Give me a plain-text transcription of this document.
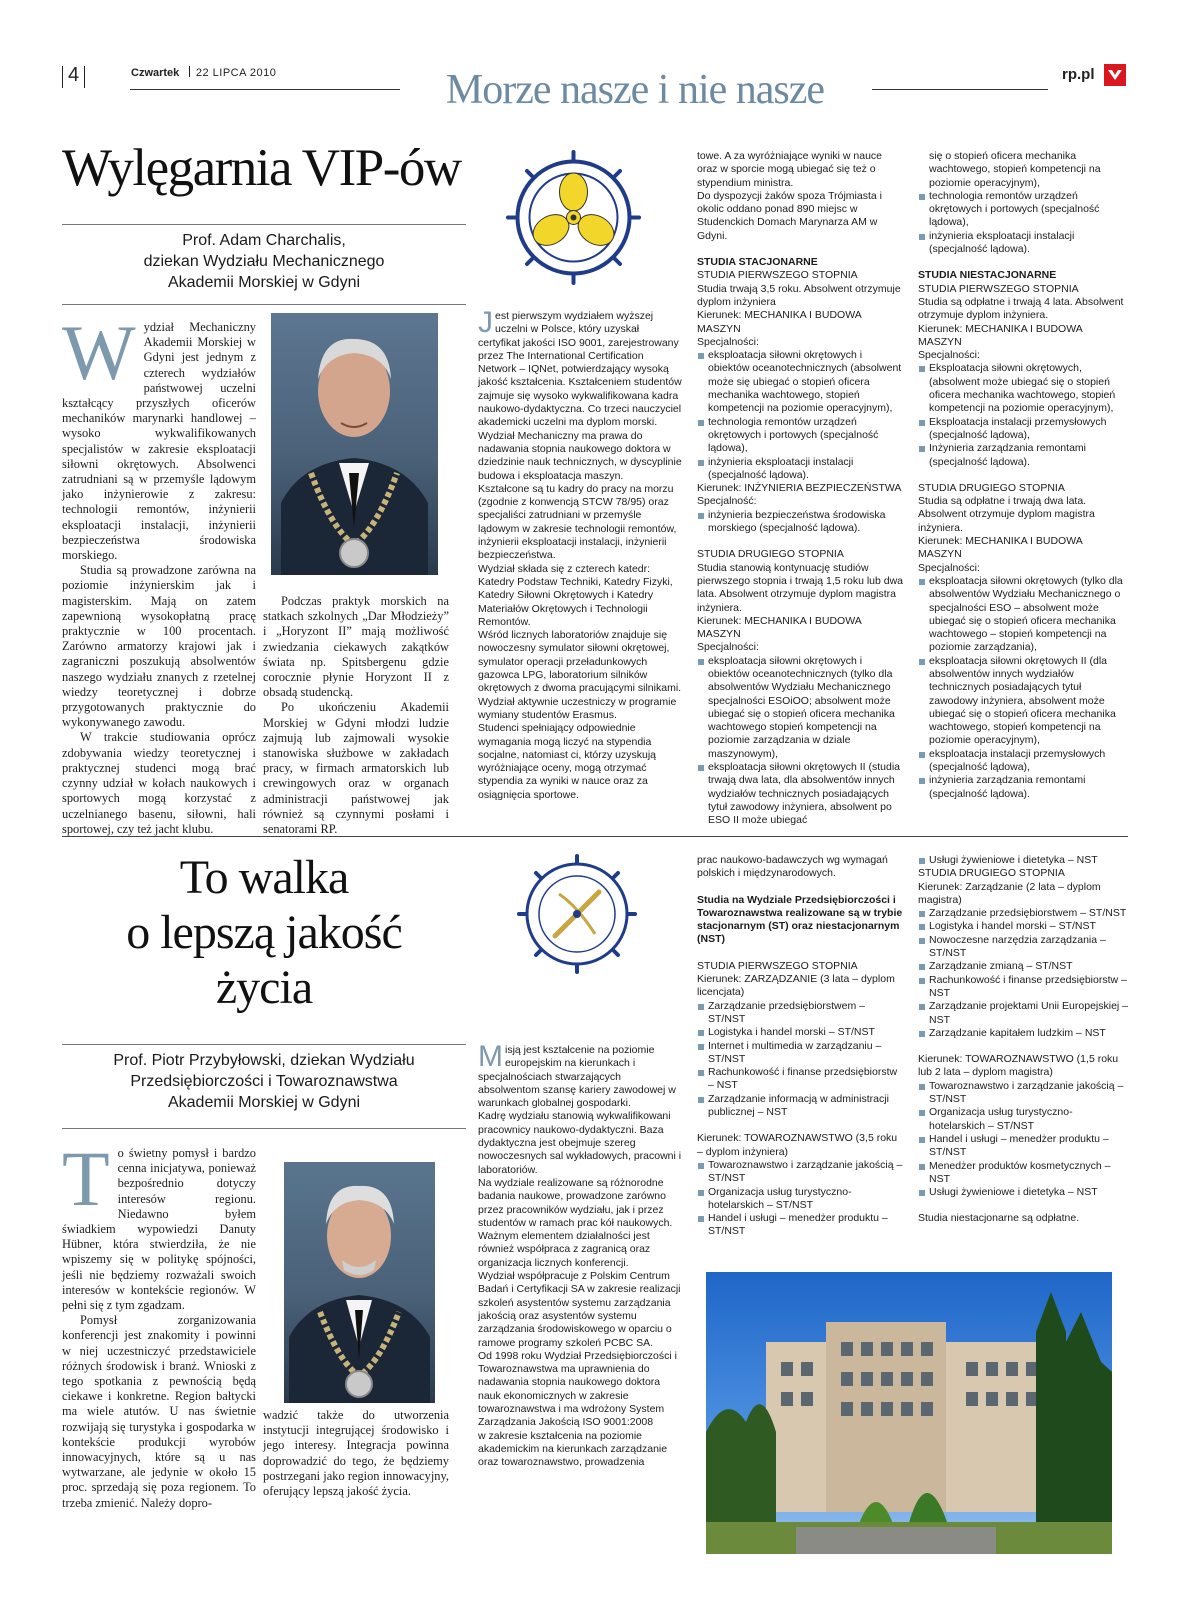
4	Czwartek 22 LIPCA 2010	Morze nasze i nie nasze	rp.pl
Wylęgarnia VIP-ów
Prof. Adam Charchalis,
dziekan Wydziału Mechanicznego
Akademii Morskiej w Gdyni

Wydział Mechaniczny Akademii Morskiej w Gdyni jest jednym z czterech wydziałów państwowej uczelni kształcący przyszłych oficerów mechaników marynarki handlowej – wysoko wykwalifikowanych specjalistów w zakresie eksploatacji siłowni okrętowych. Absolwenci zatrudniani są w przemyśle lądowym jako inżynierowie z zakresu: technologii remontów, inżynierii eksploatacji instalacji, inżynierii bezpieczeństwa środowiska morskiego.

Studia są prowadzone zarówna na poziomie inżynierskim jak i magisterskim. Mają on zatem zapewnioną wysokopłatną pracę praktycznie w 100 procentach. Zarówno armatorzy krajowi jak i zagraniczni poszukują absolwentów naszego wydziału znanych z rzetelnej wiedzy teoretycznej i dobrze przygotowanych praktycznie do wykonywanego zawodu.

W trakcie studiowania oprócz zdobywania wiedzy teoretycznej i praktycznej studenci mogą brać czynny udział w kołach naukowych i sportowych mogą korzystać z uczelnianego basenu, siłowni, hali sportowej, czy też jacht klubu.

Podczas praktyk morskich na statkach szkolnych „Dar Młodzieży” i „Horyzont II” mają możliwość zwiedzania ciekawych zakątków świata np. Spitsbergenu gdzie corocznie płynie Horyzont II z obsadą studencką.

Po ukończeniu Akademii Morskiej w Gdyni młodzi ludzie zajmują lub zajmowali wysokie stanowiska służbowe w zakładach pracy, w firmach armatorskich lub crewingowych oraz w organach administracji państwowej jak również są czynnymi posłami i senatorami RP.

Jest pierwszym wydziałem wyższej uczelni w Polsce, który uzyskał certyfikat jakości ISO 9001, zarejestrowany przez The International Certification Network – IQNet, potwierdzający wysoką jakość kształcenia. Kształceniem studentów zajmuje się wysoko wykwalifikowana kadra naukowo-dydaktyczna. Co trzeci nauczyciel akademicki uczelni ma dyplom morski. Wydział Mechaniczny ma prawa do nadawania stopnia naukowego doktora w dziedzinie nauk technicznych, w dyscyplinie budowa i eksploatacja maszyn.

Kształcone są tu kadry do pracy na morzu (zgodnie z konwencją STCW 78/95) oraz specjaliści zatrudniani w przemyśle lądowym w zakresie technologii remontów, inżynierii eksploatacji instalacji, inżynierii bezpieczeństwa.

Wydział składa się z czterech katedr: Katedry Podstaw Techniki, Katedry Fizyki, Katedry Siłowni Okrętowych i Katedry Materiałów Okrętowych i Technologii Remontów.

Wśród licznych laboratoriów znajduje się nowoczesny symulator siłowni okrętowej, symulator operacji przeładunkowych gazowca LPG, laboratorium silników okrętowych z dwoma pracującymi silnikami.

Wydział aktywnie uczestniczy w programie wymiany studentów Erasmus.

Studenci spełniający odpowiednie wymagania mogą liczyć na stypendia socjalne, natomiast ci, którzy uzyskują wyróżniające oceny, mogą otrzymać stypendia za wyniki w nauce oraz za osiągnięcia sportowe.

towe. A za wyróżniające wyniki w nauce oraz w sporcie mogą ubiegać się też o stypendium ministra.

Do dyspozycji żaków spoza Trójmiasta i okolic oddano ponad 890 miejsc w Studenckich Domach Marynarza AM w Gdyni.

STUDIA STACJONARNE

STUDIA PIERWSZEGO STOPNIA

Studia trwają 3,5 roku. Absolwent otrzymuje dyplom inżyniera

Kierunek: MECHANIKA I BUDOWA MASZYN

Specjalności:

eksploatacja siłowni okrętowych i obiektów oceanotechnicznych (absolwent może się ubiegać o stopień oficera mechanika wachtowego, stopień kompetencji na poziomie operacyjnym),
technologia remontów urządzeń okrętowych i portowych (specjalność lądowa),
inżynieria eksploatacji instalacji (specjalność lądowa).

Kierunek: INŻYNIERIA BEZPIECZEŃSTWA

Specjalność:

inżynieria bezpieczeństwa środowiska morskiego (specjalność lądowa).

STUDIA DRUGIEGO STOPNIA

Studia stanowią kontynuację studiów pierwszego stopnia i trwają 1,5 roku lub dwa lata. Absolwent otrzymuje dyplom magistra inżyniera.

Kierunek: MECHANIKA I BUDOWA MASZYN

Specjalności:

eksploatacja siłowni okrętowych i obiektów oceanotechnicznych (tylko dla absolwentów Wydziału Mechanicznego specjalności ESOiOO; absolwent może ubiegać się o stopień oficera mechanika wachtowego stopień kompetencji na poziomie zarządzania w dziale maszynowym),
eksploatacja siłowni okrętowych II (studia trwają dwa lata, dla absolwentów innych wydziałów technicznych posiadających tytuł zawodowy inżyniera, absolwent po ESO II może ubiegać

się o stopień oficera mechanika wachtowego, stopień kompetencji na poziomie operacyjnym),

technologia remontów urządzeń okrętowych i portowych (specjalność lądowa),
inżynieria eksploatacji instalacji (specjalność lądowa).

STUDIA NIESTACJONARNE

STUDIA PIERWSZEGO STOPNIA

Studia są odpłatne i trwają 4 lata. Absolwent otrzymuje dyplom inżyniera.

Kierunek: MECHANIKA I BUDOWA MASZYN

Specjalności:

Eksploatacja siłowni okrętowych, (absolwent może ubiegać się o stopień oficera mechanika wachtowego, stopień kompetencji na poziomie operacyjnym),
Eksploatacja instalacji przemysłowych (specjalność lądowa),
Inżynieria zarządzania remontami (specjalność lądowa).

STUDIA DRUGIEGO STOPNIA

Studia są odpłatne i trwają dwa lata. Absolwent otrzymuje dyplom magistra inżyniera.

Kierunek: MECHANIKA I BUDOWA MASZYN

Specjalności:

eksploatacja siłowni okrętowych (tylko dla absolwentów Wydziału Mechanicznego o specjalności ESO – absolwent może ubiegać się o stopień oficera mechanika wachtowego – stopień kompetencji na poziomie zarządzania),
eksploatacja siłowni okrętowych II (dla absolwentów innych wydziałów technicznych posiadających tytuł zawodowy inżyniera, absolwent może ubiegać się o stopień oficera mechanika wachtowego, stopień kompetencji na poziomie operacyjnym),
eksploatacja instalacji przemysłowych (specjalność lądowa),
inżynieria zarządzania remontami (specjalność lądowa).
To walka
o lepszą jakość
życia
Prof. Piotr Przybyłowski, dziekan Wydziału
Przedsiębiorczości i Towaroznawstwa
Akademii Morskiej w Gdyni

To świetny pomysł i bardzo cenna inicjatywa, ponieważ bezpośrednio dotyczy interesów regionu. Niedawno byłem świadkiem wypowiedzi Danuty Hübner, która stwierdziła, że nie wpiszemy się w politykę spójności, jeśli nie będziemy rozważali swoich interesów w kontekście regionów. W pełni się z tym zgadzam.

Pomysł zorganizowania konferencji jest znakomity i powinni w niej uczestniczyć przedstawiciele różnych środowisk i branż. Wnioski z tego spotkania z pewnością będą ciekawe i konkretne. Region bałtycki ma wiele atutów. U nas świetnie rozwijają się turystyka i gospodarka w kontekście produkcji wyrobów innowacyjnych, które są u nas wytwarzane, ale jedynie w około 15 proc. sprzedają się poza regionem. To trzeba zmienić. Należy dopro-

wadzić także do utworzenia instytucji integrującej środowisko i jego interesy. Integracja powinna doprowadzić do tego, że będziemy postrzegani jako region innowacyjny, oferujący lepszą jakość życia.

Misją jest kształcenie na poziomie europejskim na kierunkach i specjalnościach stwarzających absolwentom szansę kariery zawodowej w warunkach globalnej gospodarki.

Kadrę wydziału stanowią wykwalifikowani pracownicy naukowo-dydaktyczni. Baza dydaktyczna jest obejmuje szereg nowoczesnych sal wykładowych, pracowni i laboratoriów.

Na wydziale realizowane są różnorodne badania naukowe, prowadzone zarówno przez pracowników wydziału, jak i przez studentów w ramach prac kół naukowych. Ważnym elementem działalności jest również współpraca z zagranicą oraz organizacja licznych konferencji.

Wydział współpracuje z Polskim Centrum Badań i Certyfikacji SA w zakresie realizacji szkoleń asystentów systemu zarządzania jakością oraz asystentów systemu zarządzania środowiskowego w oparciu o ramowe programy szkoleń PCBC SA.

Od 1998 roku Wydział Przedsiębiorczości i Towaroznawstwa ma uprawnienia do nadawania stopnia naukowego doktora nauk ekonomicznych w zakresie towaroznawstwa i ma wdrożony System Zarządzania Jakością ISO 9001:2008

w zakresie kształcenia na poziomie akademickim na kierunkach zarządzanie oraz towaroznawstwo, prowadzenia

prac naukowo-badawczych wg wymagań polskich i międzynarodowych.

Studia na Wydziale Przedsiębiorczości i Towaroznawstwa realizowane są w trybie stacjonarnym (ST) oraz niestacjonarnym (NST)

STUDIA PIERWSZEGO STOPNIA

Kierunek: ZARZĄDZANIE (3 lata – dyplom licencjata)

Zarządzanie przedsiębiorstwem – ST/NST
Logistyka i handel morski – ST/NST
Internet i multimedia w zarządzaniu – ST/NST
Rachunkowość i finanse przedsiębiorstw – NST
Zarządzanie informacją w administracji publicznej – NST

Kierunek: TOWAROZNAWSTWO (3,5 roku – dyplom inżyniera)

Towaroznawstwo i zarządzanie jakością – ST/NST
Organizacja usług turystyczno-hotelarskich – ST/NST
Handel i usługi – menedżer produktu – ST/NST
Usługi żywieniowe i dietetyka – NST

STUDIA DRUGIEGO STOPNIA

Kierunek: Zarządzanie (2 lata – dyplom magistra)

Zarządzanie przedsiębiorstwem – ST/NST
Logistyka i handel morski – ST/NST
Nowoczesne narzędzia zarządzania – ST/NST
Zarządzanie zmianą – ST/NST
Rachunkowość i finanse przedsiębiorstw – NST
Zarządzanie projektami Unii Europejskiej – NST
Zarządzanie kapitałem ludzkim – NST

Kierunek: TOWAROZNAWSTWO (1,5 roku lub 2 lata – dyplom magistra)

Towaroznawstwo i zarządzanie jakością – ST/NST
Organizacja usług turystyczno-hotelarskich – ST/NST
Handel i usługi – menedżer produktu – ST/NST
Menedżer produktów kosmetycznych – NST
Usługi żywieniowe i dietetyka – NST

Studia niestacjonarne są odpłatne.
